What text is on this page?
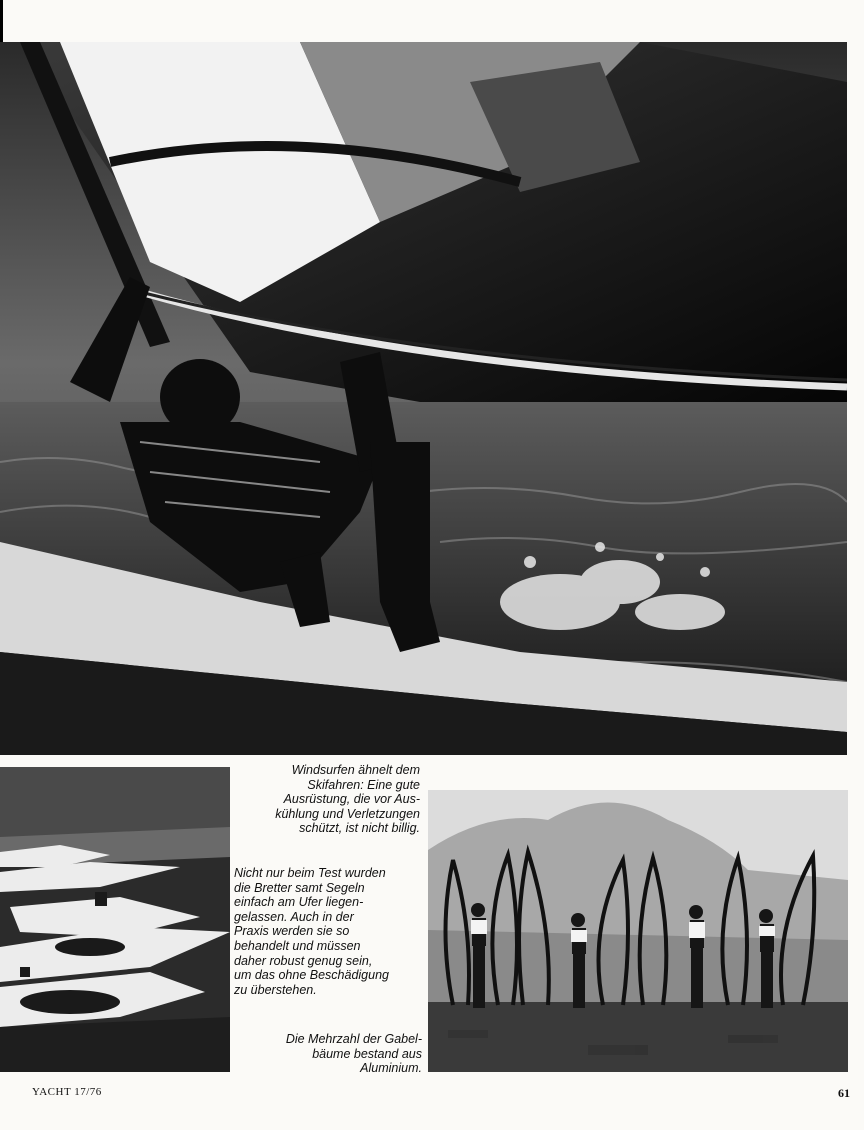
Windsurfen ähnelt dem
Skifahren: Eine gute
Ausrüstung, die vor Aus-
kühlung und Verletzungen
schützt, ist nicht billig.

Nicht nur beim Test wurden
die Bretter samt Segeln
einfach am Ufer liegen-
gelassen. Auch in der
Praxis werden sie so
behandelt und müssen
daher robust genug sein,
um das ohne Beschädigung
zu überstehen.

Die Mehrzahl der Gabel-
bäume bestand aus
Aluminium.

YACHT 17/76	61
